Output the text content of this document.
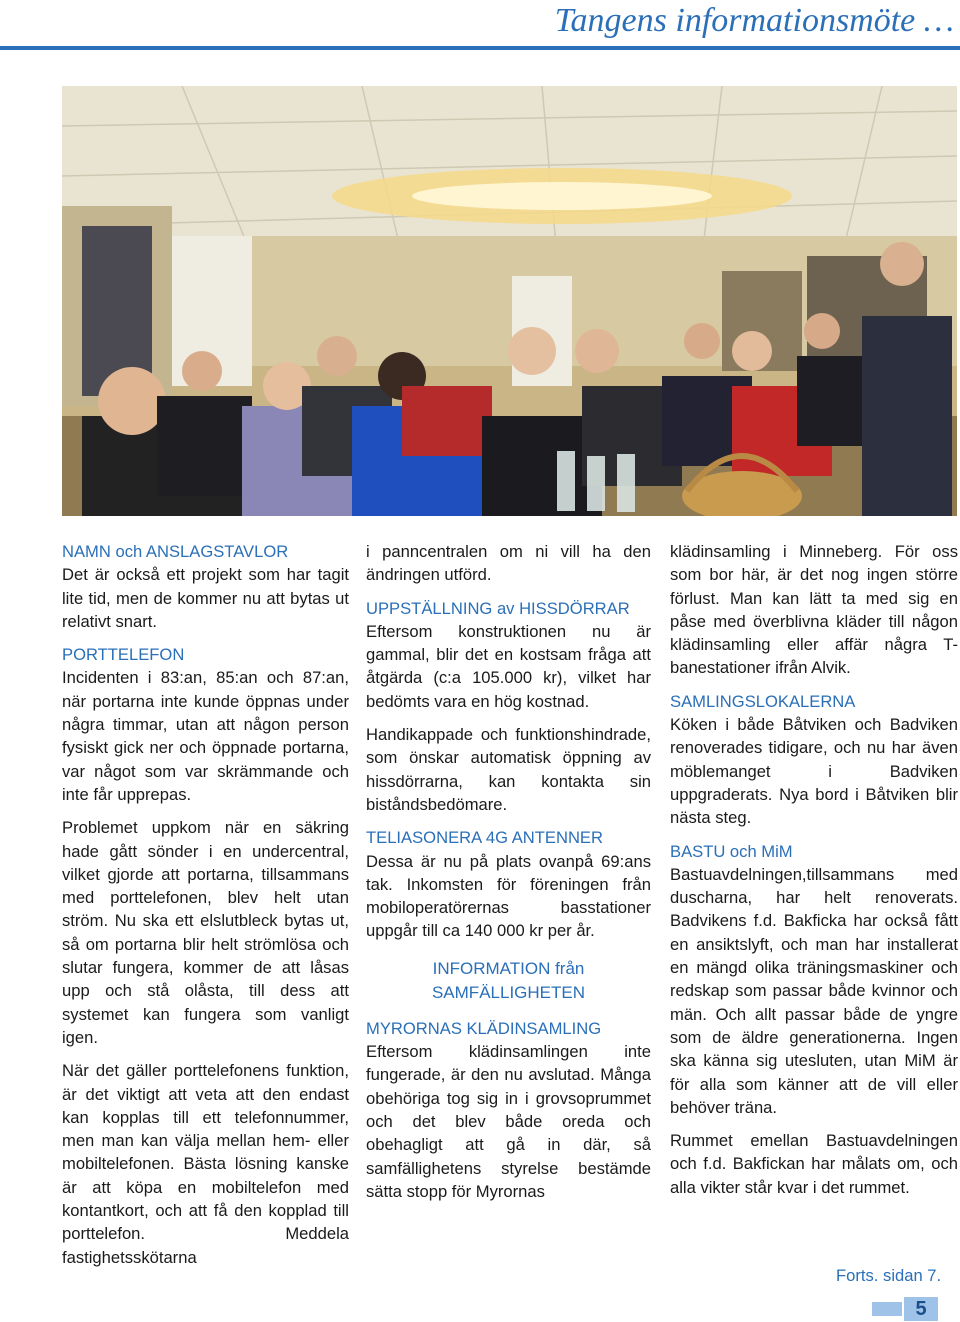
Tangens informationsmöte …
NAMN och ANSLAGSTAVLOR

Det är också ett projekt som har tagit lite tid, men de kommer nu att bytas ut relativt snart.

PORTTELEFON

Incidenten i 83:an, 85:an och 87:an, när portarna inte kunde öppnas under några timmar, utan att någon person fysiskt gick ner och öppnade portarna, var något som var skrämmande och inte får upprepas.

Problemet uppkom när en säkring hade gått sönder i en undercentral, vilket gjorde att portarna, tillsammans med porttelefonen, blev helt utan ström. Nu ska ett elslutbleck bytas ut, så om portarna blir helt strömlösa och slutar fungera, kommer de att låsas upp och stå olåsta, till dess att systemet kan fungera som vanligt igen.

När det gäller porttelefonens funktion, är det viktigt att veta att den endast kan kopplas till ett telefonnummer, men man kan välja mellan hem- eller mobiltelefonen. Bästa lösning kanske är att köpa en mobiltelefon med kontantkort, och att få den kopplad till porttelefon. Meddela fastighetsskötarna

i panncentralen om ni vill ha den ändringen utförd.

UPPSTÄLLNING av HISSDÖRRAR

Eftersom konstruktionen nu är gammal, blir det en kostsam fråga att åtgärda (c:a 105.000 kr), vilket har bedömts vara en hög kostnad.

Handikappade och funktionshindrade, som önskar automatisk öppning av hissdörrarna, kan kontakta sin biståndsbedömare.

TELIASONERA 4G ANTENNER

Dessa är nu på plats ovanpå 69:ans tak. Inkomsten för föreningen från mobiloperatörernas basstationer uppgår till ca 140 000 kr per år.

INFORMATION från
SAMFÄLLIGHETEN
MYRORNAS KLÄDINSAMLING

Eftersom klädinsamlingen inte fungerade, är den nu avslutad. Många obehöriga tog sig in i grovsoprummet och det blev både oreda och obehagligt att gå in där, så samfällighetens styrelse bestämde sätta stopp för Myrornas

klädinsamling i Minneberg. För oss som bor här, är det nog ingen större förlust. Man kan lätt ta med sig en påse med överblivna kläder till någon klädinsamling eller affär några T-banestationer ifrån Alvik.

SAMLINGSLOKALERNA

Köken i både Båtviken och Badviken renoverades tidigare, och nu har även möblemanget i Badviken uppgraderats. Nya bord i Båtviken blir nästa steg.

BASTU och MiM

Bastuavdelningen,tillsammans med duscharna, har helt renoverats. Badvikens f.d. Bakficka har också fått en ansiktslyft, och man har installerat en mängd olika träningsmaskiner och redskap som passar både kvinnor och män. Och allt passar både de yngre som de äldre generationerna. Ingen ska känna sig utesluten, utan MiM är för alla som känner att de vill eller behöver träna.

Rummet emellan Bastuavdelningen och f.d. Bakfickan har målats om, och alla vikter står kvar i det rummet.

Forts. sidan 7.
5
